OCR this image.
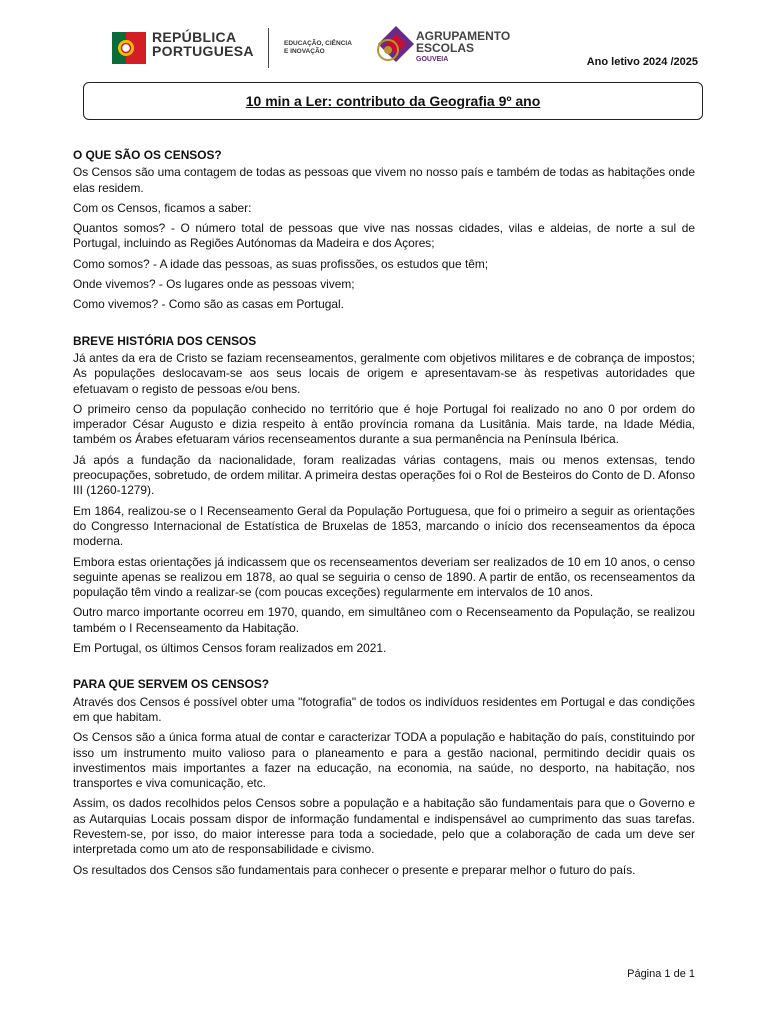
REPÚBLICA
PORTUGUESA	EDUCAÇÃO, CIÊNCIA
E INOVAÇÃO
AGRUPAMENTO
ESCOLAS
GOUVEIA	Ano letivo 2024 /2025
10 min a Ler: contributo da Geografia 9º ano
O QUE SÃO OS CENSOS?

Os Censos são uma contagem de todas as pessoas que vivem no nosso país e também de todas as habitações onde elas residem.

Com os Censos, ficamos a saber:

Quantos somos? - O número total de pessoas que vive nas nossas cidades, vilas e aldeias, de norte a sul de Portugal, incluindo as Regiões Autónomas da Madeira e dos Açores;

Como somos? - A idade das pessoas, as suas profissões, os estudos que têm;

Onde vivemos? - Os lugares onde as pessoas vivem;

Como vivemos? - Como são as casas em Portugal.

BREVE HISTÓRIA DOS CENSOS

Já antes da era de Cristo se faziam recenseamentos, geralmente com objetivos militares e de cobrança de impostos; As populações deslocavam-se aos seus locais de origem e apresentavam-se às respetivas autoridades que efetuavam o registo de pessoas e/ou bens.

O primeiro censo da população conhecido no território que é hoje Portugal foi realizado no ano 0 por ordem do imperador César Augusto e dizia respeito à então província romana da Lusitânia. Mais tarde, na Idade Média, também os Árabes efetuaram vários recenseamentos durante a sua permanência na Península Ibérica.

Já após a fundação da nacionalidade, foram realizadas várias contagens, mais ou menos extensas, tendo preocupações, sobretudo, de ordem militar. A primeira destas operações foi o Rol de Besteiros do Conto de D. Afonso III (1260-1279).

Em 1864, realizou-se o I Recenseamento Geral da População Portuguesa, que foi o primeiro a seguir as orientações do Congresso Internacional de Estatística de Bruxelas de 1853, marcando o início dos recenseamentos da época moderna.

Embora estas orientações já indicassem que os recenseamentos deveriam ser realizados de 10 em 10 anos, o censo seguinte apenas se realizou em 1878, ao qual se seguiria o censo de 1890. A partir de então, os recenseamentos da população têm vindo a realizar-se (com poucas exceções) regularmente em intervalos de 10 anos.

Outro marco importante ocorreu em 1970, quando, em simultâneo com o Recenseamento da População, se realizou também o I Recenseamento da Habitação.

Em Portugal, os últimos Censos foram realizados em 2021.

PARA QUE SERVEM OS CENSOS?

Através dos Censos é possível obter uma "fotografia" de todos os indivíduos residentes em Portugal e das condições em que habitam.

Os Censos são a única forma atual de contar e caracterizar TODA a população e habitação do país, constituindo por isso um instrumento muito valioso para o planeamento e para a gestão nacional, permitindo decidir quais os investimentos mais importantes a fazer na educação, na economia, na saúde, no desporto, na habitação, nos transportes e viva comunicação, etc.

Assim, os dados recolhidos pelos Censos sobre a população e a habitação são fundamentais para que o Governo e as Autarquias Locais possam dispor de informação fundamental e indispensável ao cumprimento das suas tarefas. Revestem-se, por isso, do maior interesse para toda a sociedade, pelo que a colaboração de cada um deve ser interpretada como um ato de responsabilidade e civismo.

Os resultados dos Censos são fundamentais para conhecer o presente e preparar melhor o futuro do país.

Página 1 de 1
